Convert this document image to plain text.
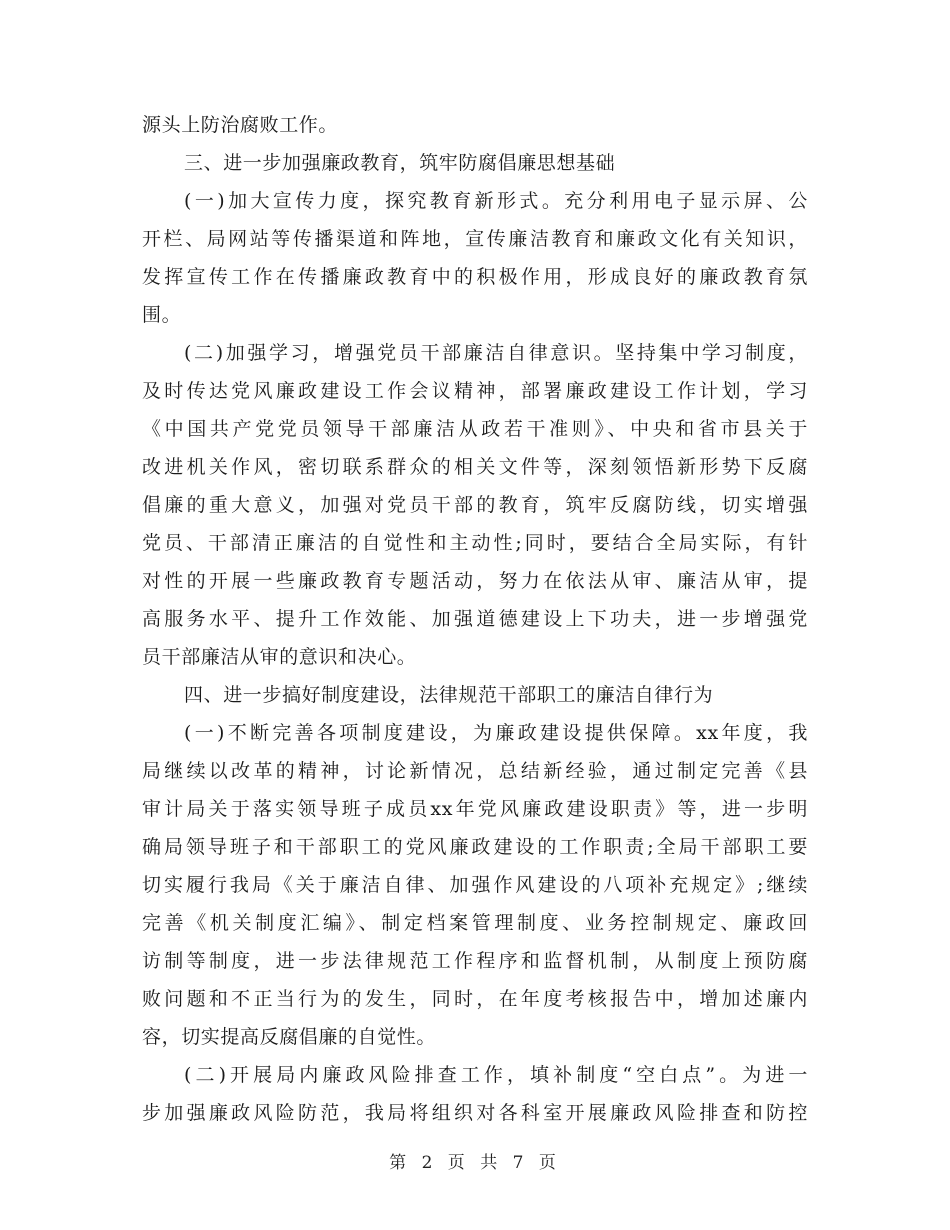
源头上防治腐败工作。
三、进一步加强廉政教育，筑牢防腐倡廉思想基础
(一)加大宣传力度，探究教育新形式。充分利用电子显示屏、公
开栏、局网站等传播渠道和阵地，宣传廉洁教育和廉政文化有关知识，
发挥宣传工作在传播廉政教育中的积极作用，形成良好的廉政教育氛
围。
(二)加强学习，增强党员干部廉洁自律意识。坚持集中学习制度，
及时传达党风廉政建设工作会议精神，部署廉政建设工作计划，学习
《中国共产党党员领导干部廉洁从政若干准则》、中央和省市县关于
改进机关作风，密切联系群众的相关文件等，深刻领悟新形势下反腐
倡廉的重大意义，加强对党员干部的教育，筑牢反腐防线，切实增强
党员、干部清正廉洁的自觉性和主动性;同时，要结合全局实际，有针
对性的开展一些廉政教育专题活动，努力在依法从审、廉洁从审，提
高服务水平、提升工作效能、加强道德建设上下功夫，进一步增强党
员干部廉洁从审的意识和决心。
四、进一步搞好制度建设，法律规范干部职工的廉洁自律行为
(一)不断完善各项制度建设，为廉政建设提供保障。xx年度，我
局继续以改革的精神，讨论新情况，总结新经验，通过制定完善《县
审计局关于落实领导班子成员xx年党风廉政建设职责》等，进一步明
确局领导班子和干部职工的党风廉政建设的工作职责;全局干部职工要
切实履行我局《关于廉洁自律、加强作风建设的八项补充规定》;继续
完善《机关制度汇编》、制定档案管理制度、业务控制规定、廉政回
访制等制度，进一步法律规范工作程序和监督机制，从制度上预防腐
败问题和不正当行为的发生，同时，在年度考核报告中，增加述廉内
容，切实提高反腐倡廉的自觉性。
(二)开展局内廉政风险排查工作，填补制度“空白点”。为进一
步加强廉政风险防范，我局将组织对各科室开展廉政风险排查和防控
第 2 页 共 7 页
